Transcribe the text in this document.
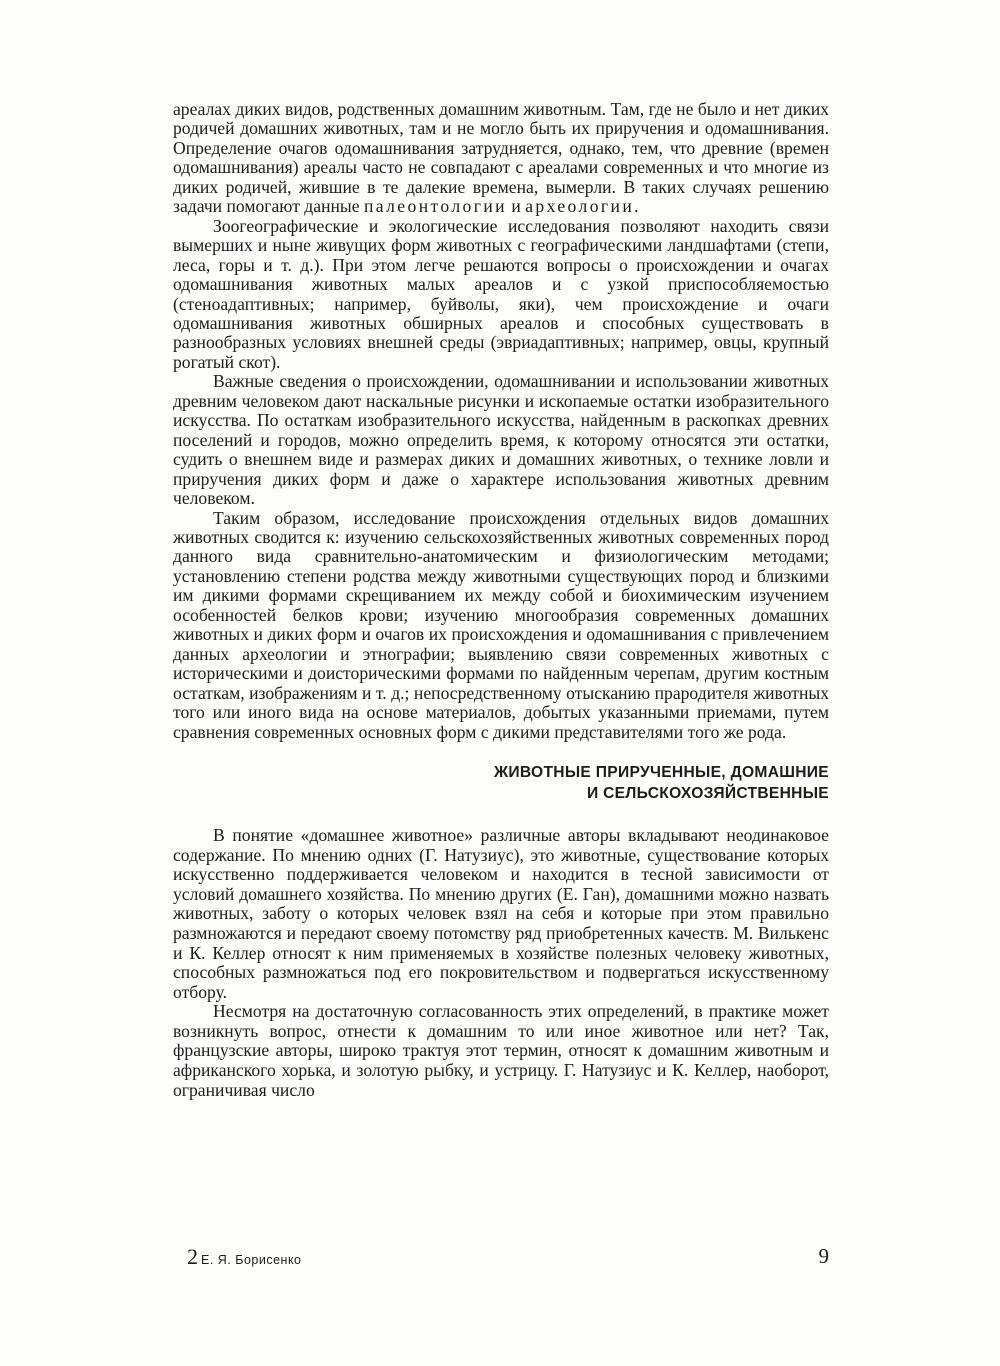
ареалах диких видов, родственных домашним животным. Там, где не было и нет диких родичей домашних животных, там и не могло быть их приручения и одомашнивания. Определение очагов одомашнивания затрудняется, однако, тем, что древние (времен одомашнивания) ареалы часто не совпадают с ареалами современных и что многие из диких родичей, жившие в те далекие времена, вымерли. В таких случаях решению задачи помогают данные палеонтологии и археологии.

Зоогеографические и экологические исследования позволяют находить связи вымерших и ныне живущих форм животных с географическими ландшафтами (степи, леса, горы и т. д.). При этом легче решаются вопросы о происхождении и очагах одомашнивания животных малых ареалов и с узкой приспособляемостью (стеноадаптивных; например, буйволы, яки), чем происхождение и очаги одомашнивания животных обширных ареалов и способных существовать в разнообразных условиях внешней среды (эвриадаптивных; например, овцы, крупный рогатый скот).

Важные сведения о происхождении, одомашнивании и использовании животных древним человеком дают наскальные рисунки и ископаемые остатки изобразительного искусства. По остаткам изобразительного искусства, найденным в раскопках древних поселений и городов, можно определить время, к которому относятся эти остатки, судить о внешнем виде и размерах диких и домашних животных, о технике ловли и приручения диких форм и даже о характере использования животных древним человеком.

Таким образом, исследование происхождения отдельных видов домашних животных сводится к: изучению сельскохозяйственных животных современных пород данного вида сравнительно-анатомическим и физиологическим методами; установлению степени родства между животными существующих пород и близкими им дикими формами скрещиванием их между собой и биохимическим изучением особенностей белков крови; изучению многообразия современных домашних животных и диких форм и очагов их происхождения и одомашнивания с привлечением данных археологии и этнографии; выявлению связи современных животных с историческими и доисторическими формами по найденным черепам, другим костным остаткам, изображениям и т. д.; непосредственному отысканию прародителя животных того или иного вида на основе материалов, добытых указанными приемами, путем сравнения современных основных форм с дикими представителями того же рода.

ЖИВОТНЫЕ ПРИРУЧЕННЫЕ, ДОМАШНИЕ
И СЕЛЬСКОХОЗЯЙСТВЕННЫЕ

В понятие «домашнее животное» различные авторы вкладывают неодинаковое содержание. По мнению одних (Г. Натузиус), это животные, существование которых искусственно поддерживается человеком и находится в тесной зависимости от условий домашнего хозяйства. По мнению других (Е. Ган), домашними можно назвать животных, заботу о которых человек взял на себя и которые при этом правильно размножаются и передают своему потомству ряд приобретенных качеств. М. Вилькенс и К. Келлер относят к ним применяемых в хозяйстве полезных человеку животных, способных размножаться под его покровительством и подвергаться искусственному отбору.

Несмотря на достаточную согласованность этих определений, в практике может возникнуть вопрос, отнести к домашним то или иное животное или нет? Так, французские авторы, широко трактуя этот термин, относят к домашним животным и африканского хорька, и золотую рыбку, и устрицу. Г. Натузиус и К. Келлер, наоборот, ограничивая число

2 Е. Я. Борисенко	9
